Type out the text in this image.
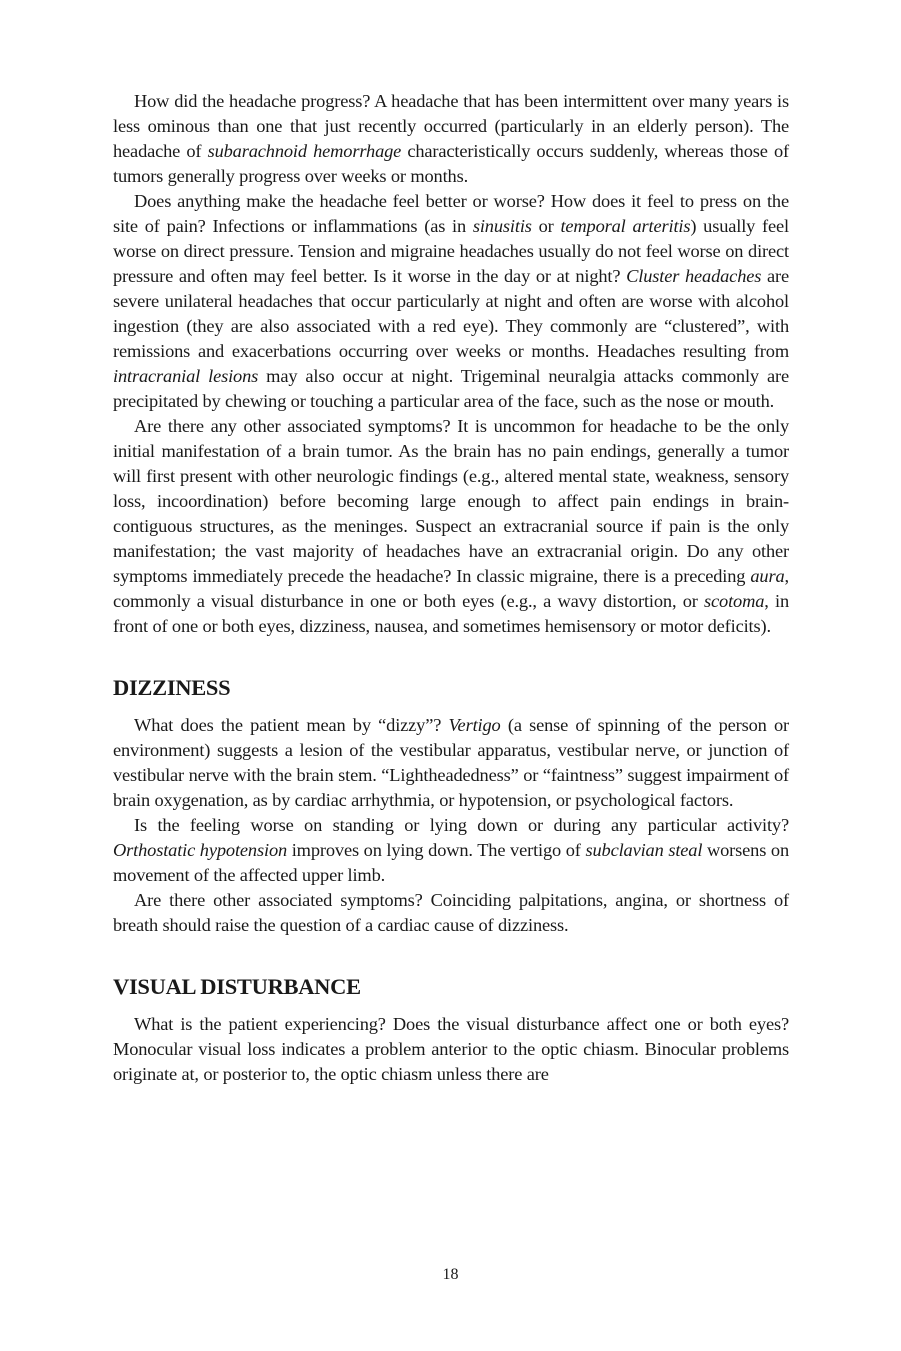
How did the headache progress? A headache that has been intermittent over many years is less ominous than one that just recently occurred (particularly in an elderly person). The headache of subarachnoid hemorrhage characteristically occurs suddenly, whereas those of tumors generally progress over weeks or months.

Does anything make the headache feel better or worse? How does it feel to press on the site of pain? Infections or inflammations (as in sinusitis or temporal arteritis) usually feel worse on direct pressure. Tension and migraine headaches usually do not feel worse on direct pressure and often may feel better. Is it worse in the day or at night? Cluster headaches are severe unilateral headaches that occur particularly at night and often are worse with alcohol ingestion (they are also associated with a red eye). They commonly are “clustered”, with remissions and exacerbations occurring over weeks or months. Headaches resulting from intracranial lesions may also occur at night. Trigeminal neuralgia attacks commonly are precipitated by chewing or touching a particular area of the face, such as the nose or mouth.

Are there any other associated symptoms? It is uncommon for headache to be the only initial manifestation of a brain tumor. As the brain has no pain endings, generally a tumor will first present with other neurologic findings (e.g., altered mental state, weakness, sensory loss, incoordination) before becoming large enough to affect pain endings in brain-contiguous structures, as the meninges. Suspect an extracranial source if pain is the only manifestation; the vast majority of headaches have an extracranial origin. Do any other symptoms immediately precede the headache? In classic migraine, there is a preceding aura, commonly a visual disturbance in one or both eyes (e.g., a wavy distortion, or scotoma, in front of one or both eyes, dizziness, nausea, and sometimes hemisensory or motor deficits).

DIZZINESS

What does the patient mean by “dizzy”? Vertigo (a sense of spinning of the person or environment) suggests a lesion of the vestibular apparatus, vestibular nerve, or junction of vestibular nerve with the brain stem. “Lightheadedness” or “faintness” suggest impairment of brain oxygenation, as by cardiac arrhythmia, or hypotension, or psychological factors.

Is the feeling worse on standing or lying down or during any particular activity? Orthostatic hypotension improves on lying down. The vertigo of subclavian steal worsens on movement of the affected upper limb.

Are there other associated symptoms? Coinciding palpitations, angina, or shortness of breath should raise the question of a cardiac cause of dizziness.

VISUAL DISTURBANCE

What is the patient experiencing? Does the visual disturbance affect one or both eyes? Monocular visual loss indicates a problem anterior to the optic chiasm. Binocular problems originate at, or posterior to, the optic chiasm unless there are

18
